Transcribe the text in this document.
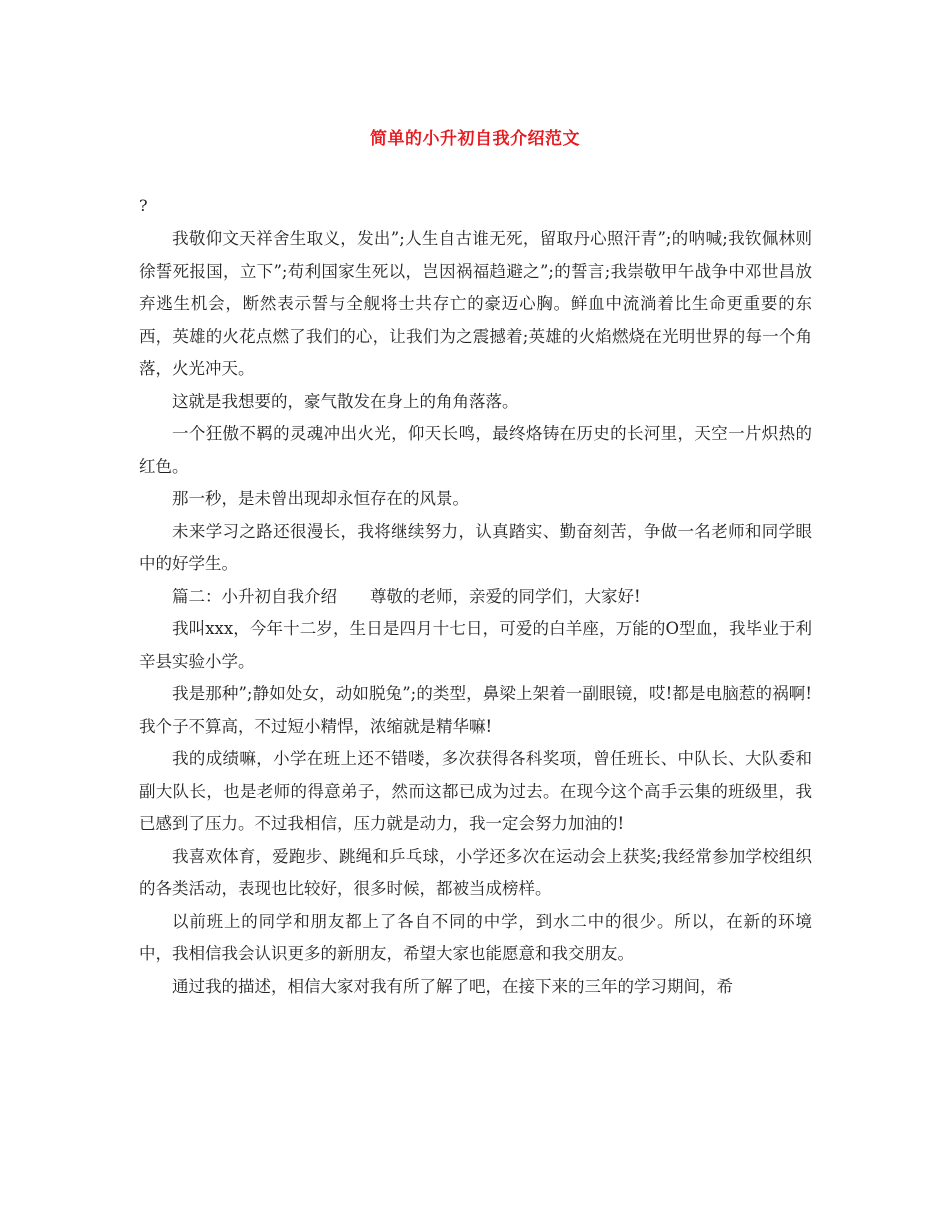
简单的小升初自我介绍范文
?

我敬仰文天祥舍生取义，发出”;人生自古谁无死，留取丹心照汗青”;的呐喊;我钦佩林则徐誓死报国，立下”;苟利国家生死以，岂因祸福趋避之”;的誓言;我崇敬甲午战争中邓世昌放弃逃生机会，断然表示誓与全舰将士共存亡的豪迈心胸。鲜血中流淌着比生命更重要的东西，英雄的火花点燃了我们的心，让我们为之震撼着;英雄的火焰燃烧在光明世界的每一个角落，火光冲天。

这就是我想要的，豪气散发在身上的角角落落。

一个狂傲不羁的灵魂冲出火光，仰天长鸣，最终烙铸在历史的长河里，天空一片炽热的红色。

那一秒，是未曾出现却永恒存在的风景。

未来学习之路还很漫长，我将继续努力，认真踏实、勤奋刻苦，争做一名老师和同学眼中的好学生。

篇二：小升初自我介绍　　尊敬的老师，亲爱的同学们，大家好!

我叫xxx，今年十二岁，生日是四月十七日，可爱的白羊座，万能的O型血，我毕业于利辛县实验小学。

我是那种”;静如处女，动如脱兔”;的类型，鼻梁上架着一副眼镜，哎!都是电脑惹的祸啊!我个子不算高，不过短小精悍，浓缩就是精华嘛!

我的成绩嘛，小学在班上还不错喽，多次获得各科奖项，曾任班长、中队长、大队委和副大队长，也是老师的得意弟子，然而这都已成为过去。在现今这个高手云集的班级里，我已感到了压力。不过我相信，压力就是动力，我一定会努力加油的!

我喜欢体育，爱跑步、跳绳和乒乓球，小学还多次在运动会上获奖;我经常参加学校组织的各类活动，表现也比较好，很多时候，都被当成榜样。

以前班上的同学和朋友都上了各自不同的中学，到水二中的很少。所以，在新的环境中，我相信我会认识更多的新朋友，希望大家也能愿意和我交朋友。

通过我的描述，相信大家对我有所了解了吧，在接下来的三年的学习期间，希
